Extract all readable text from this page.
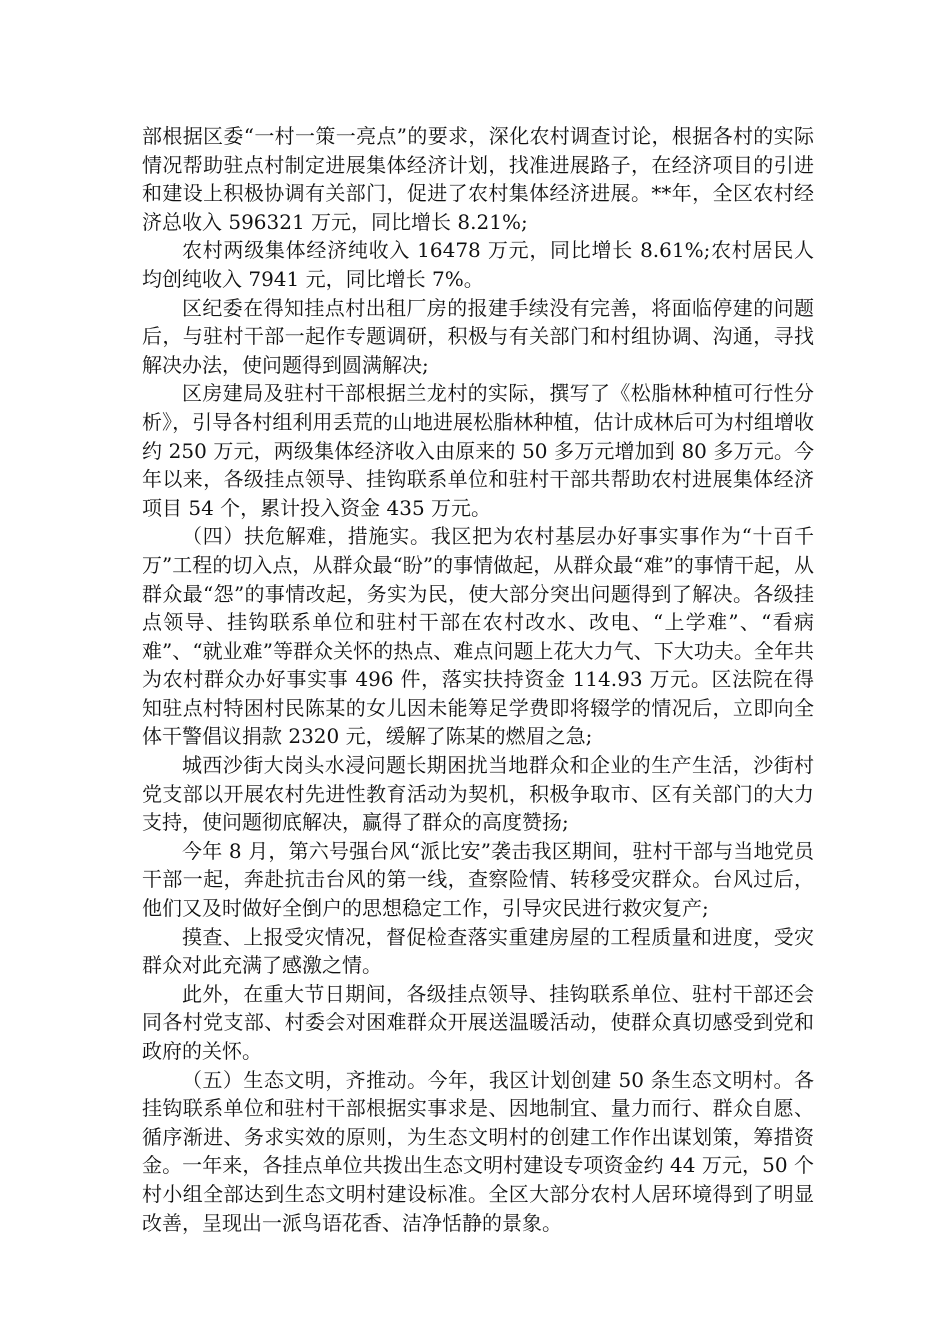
部根据区委“一村一策一亮点”的要求，深化农村调查讨论，根据各村的实际情况帮助驻点村制定进展集体经济计划，找准进展路子，在经济项目的引进和建设上积极协调有关部门，促进了农村集体经济进展。**年，全区农村经济总收入 596321 万元，同比增长 8.21%;

农村两级集体经济纯收入 16478 万元，同比增长 8.61%;农村居民人均创纯收入 7941 元，同比增长 7%。

区纪委在得知挂点村出租厂房的报建手续没有完善，将面临停建的问题后，与驻村干部一起作专题调研，积极与有关部门和村组协调、沟通，寻找解决办法，使问题得到圆满解决;

区房建局及驻村干部根据兰龙村的实际，撰写了《松脂林种植可行性分析》，引导各村组利用丢荒的山地进展松脂林种植，估计成林后可为村组增收约 250 万元，两级集体经济收入由原来的 50 多万元增加到 80 多万元。今年以来，各级挂点领导、挂钩联系单位和驻村干部共帮助农村进展集体经济项目 54 个，累计投入资金 435 万元。

（四）扶危解难，措施实。我区把为农村基层办好事实事作为“十百千万”工程的切入点，从群众最“盼”的事情做起，从群众最“难”的事情干起，从群众最“怨”的事情改起，务实为民，使大部分突出问题得到了解决。各级挂点领导、挂钩联系单位和驻村干部在农村改水、改电、“上学难”、“看病难”、“就业难”等群众关怀的热点、难点问题上花大力气、下大功夫。全年共为农村群众办好事实事 496 件，落实扶持资金 114.93 万元。区法院在得知驻点村特困村民陈某的女儿因未能筹足学费即将辍学的情况后，立即向全体干警倡议捐款 2320 元，缓解了陈某的燃眉之急;

城西沙街大岗头水浸问题长期困扰当地群众和企业的生产生活，沙街村党支部以开展农村先进性教育活动为契机，积极争取市、区有关部门的大力支持，使问题彻底解决，赢得了群众的高度赞扬;

今年 8 月，第六号强台风“派比安”袭击我区期间，驻村干部与当地党员干部一起，奔赴抗击台风的第一线，查察险情、转移受灾群众。台风过后，他们又及时做好全倒户的思想稳定工作，引导灾民进行救灾复产;

摸查、上报受灾情况，督促检查落实重建房屋的工程质量和进度，受灾群众对此充满了感激之情。

此外，在重大节日期间，各级挂点领导、挂钩联系单位、驻村干部还会同各村党支部、村委会对困难群众开展送温暖活动，使群众真切感受到党和政府的关怀。

（五）生态文明，齐推动。今年，我区计划创建 50 条生态文明村。各挂钩联系单位和驻村干部根据实事求是、因地制宜、量力而行、群众自愿、循序渐进、务求实效的原则，为生态文明村的创建工作作出谋划策，筹措资金。一年来，各挂点单位共拨出生态文明村建设专项资金约 44 万元，50 个村小组全部达到生态文明村建设标准。全区大部分农村人居环境得到了明显改善，呈现出一派鸟语花香、洁净恬静的景象。
